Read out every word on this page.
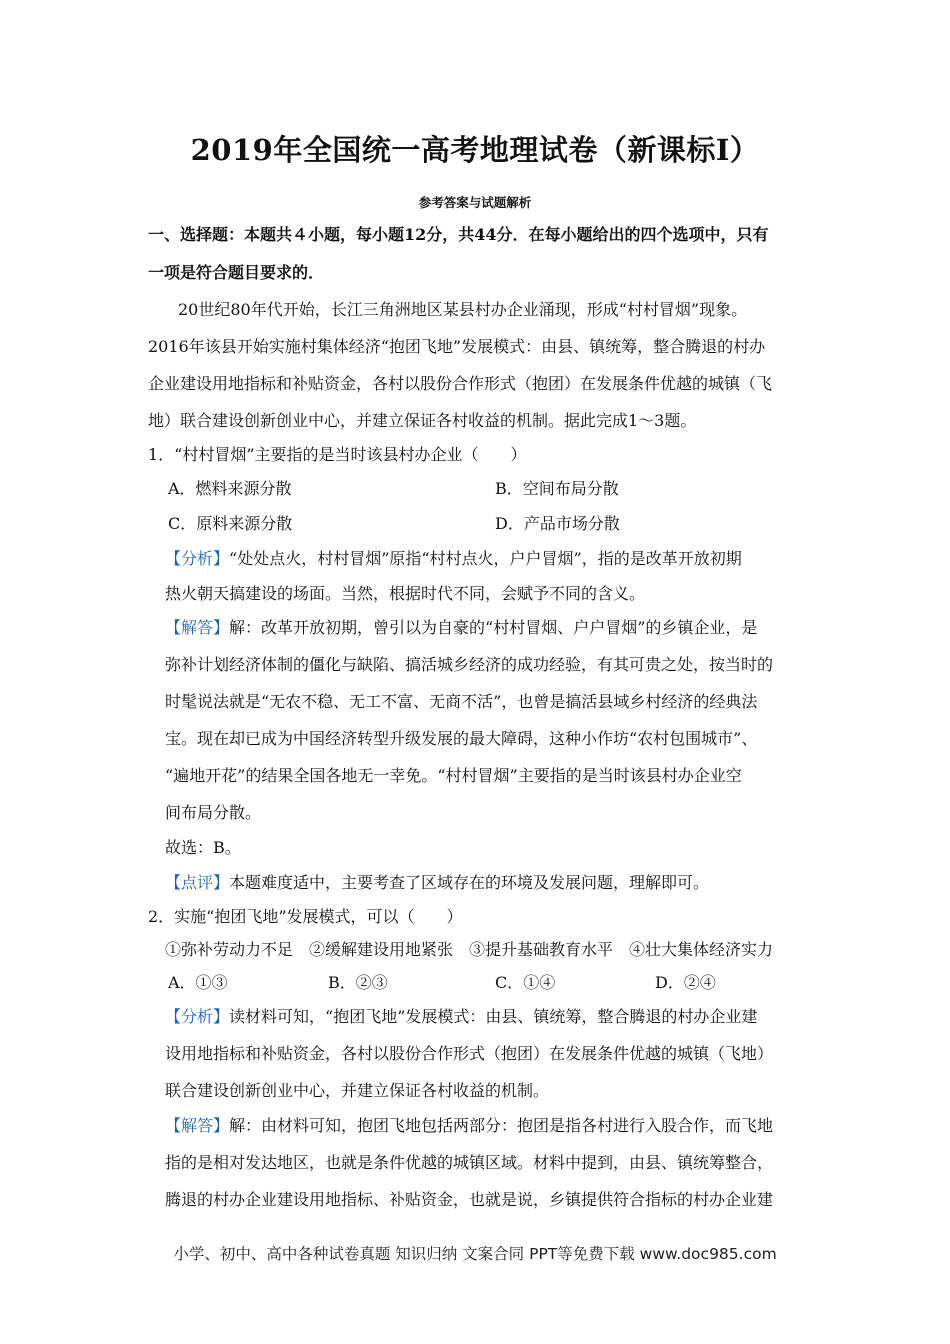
2019年全国统一高考地理试卷（新课标Ⅰ）
参考答案与试题解析
一、选择题：本题共４小题，每小题12分，共44分．在每小题给出的四个选项中，只有
一项是符合题目要求的．
20世纪80年代开始，长江三角洲地区某县村办企业涌现，形成“村村冒烟”现象。
2016年该县开始实施村集体经济“抱团飞地”发展模式：由县、镇统筹，整合腾退的村办
企业建设用地指标和补贴资金，各村以股份合作形式（抱团）在发展条件优越的城镇（飞
地）联合建设创新创业中心，并建立保证各村收益的机制。据此完成1～3题。
1．“村村冒烟”主要指的是当时该县村办企业（　　）
A．燃料来源分散	B．空间布局分散
C．原料来源分散	D．产品市场分散
【分析】“处处点火，村村冒烟”原指“村村点火，户户冒烟”，指的是改革开放初期
热火朝天搞建设的场面。当然，根据时代不同，会赋予不同的含义。
【解答】解：改革开放初期，曾引以为自豪的“村村冒烟、户户冒烟”的乡镇企业，是
弥补计划经济体制的僵化与缺陷、搞活城乡经济的成功经验，有其可贵之处，按当时的
时髦说法就是“无农不稳、无工不富、无商不活”，也曾是搞活县域乡村经济的经典法
宝。现在却已成为中国经济转型升级发展的最大障碍，这种小作坊“农村包围城市”、
“遍地开花”的结果全国各地无一幸免。“村村冒烟”主要指的是当时该县村办企业空
间布局分散。
故选：B。
【点评】本题难度适中，主要考查了区域存在的环境及发展问题，理解即可。
2．实施“抱团飞地”发展模式，可以（　　）
①弥补劳动力不足　②缓解建设用地紧张　③提升基础教育水平　④壮大集体经济实力
A．①③	B．②③	C．①④	D．②④
【分析】读材料可知，“抱团飞地”发展模式：由县、镇统筹，整合腾退的村办企业建
设用地指标和补贴资金，各村以股份合作形式（抱团）在发展条件优越的城镇（飞地）
联合建设创新创业中心，并建立保证各村收益的机制。
【解答】解：由材料可知，抱团飞地包括两部分：抱团是指各村进行入股合作，而飞地
指的是相对发达地区，也就是条件优越的城镇区域。材料中提到，由县、镇统筹整合，
腾退的村办企业建设用地指标、补贴资金，也就是说，乡镇提供符合指标的村办企业建
小学、初中、高中各种试卷真题 知识归纳 文案合同 PPT等免费下载 www.doc985.com
